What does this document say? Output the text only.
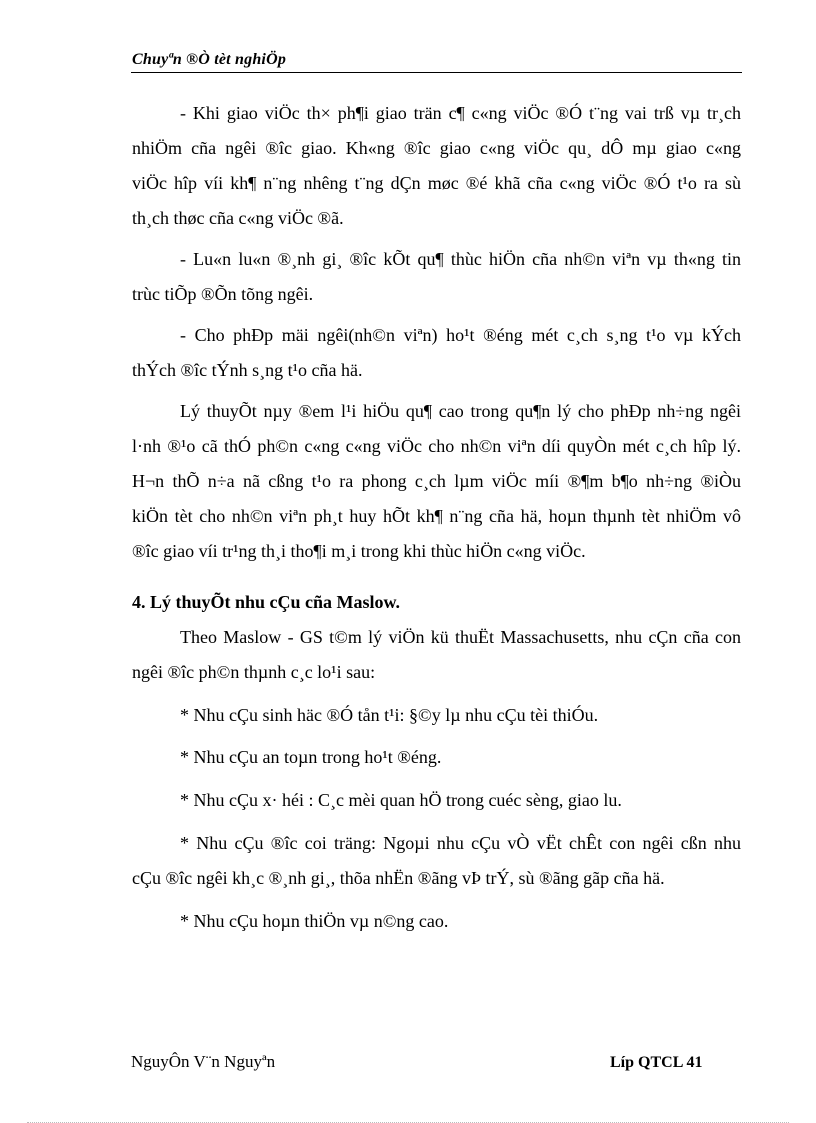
Chuyªn ®Ò tèt nghiÖp
- Khi giao viÖc th× ph¶i giao trän c¶ c«ng viÖc ®Ó t¨ng vai trß vµ tr¸ch
nhiÖm cña ngêi ®îc giao. Kh«ng ®îc giao c«ng viÖc qu¸ dÔ mµ giao c«ng
viÖc hîp víi kh¶ n¨ng nhêng t¨ng dÇn møc ®é khã cña c«ng viÖc ®Ó t¹o ra sù
th¸ch thøc cña c«ng viÖc ®ã.
- Lu«n lu«n ®¸nh gi¸ ®îc kÕt qu¶ thùc hiÖn cña nh©n viªn vµ th«ng tin
trùc tiÕp ®Õn tõng ngêi.
- Cho phÐp mäi ngêi(nh©n viªn) ho¹t ®éng mét c¸ch s¸ng t¹o vµ kÝch
thÝch ®îc tÝnh s¸ng t¹o cña hä.
Lý thuyÕt nµy ®em l¹i hiÖu qu¶ cao trong qu¶n lý cho phÐp nh÷ng ngêi
l·nh ®¹o cã thÓ ph©n c«ng c«ng viÖc cho nh©n viªn díi quyÒn mét c¸ch hîp lý.
H¬n thÕ n÷a nã cßng t¹o ra phong c¸ch lµm viÖc míi ®¶m b¶o nh÷ng ®iÒu
kiÖn tèt cho nh©n viªn ph¸t huy hÕt kh¶ n¨ng cña hä, hoµn thµnh tèt nhiÖm vô
®îc giao víi tr¹ng th¸i tho¶i m¸i trong khi thùc hiÖn c«ng viÖc.
4. Lý thuyÕt nhu cÇu cña Maslow.
Theo Maslow - GS t©m lý viÖn kü thuËt Massachusetts, nhu cÇn cña con
ngêi ®îc ph©n thµnh c¸c lo¹i sau:
* Nhu cÇu sinh häc ®Ó tån t¹i: §©y lµ nhu cÇu tèi thiÓu.
* Nhu cÇu an toµn trong ho¹t ®éng.
* Nhu cÇu x· héi : C¸c mèi quan hÖ trong cuéc sèng, giao lu.
* Nhu cÇu ®îc coi träng: Ngoµi nhu cÇu vÒ vËt chÊt con ngêi cßn nhu
cÇu ®îc ngêi kh¸c ®¸nh gi¸, thõa nhËn ®ãng vÞ trÝ, sù ®ãng gãp cña hä.
* Nhu cÇu hoµn thiÖn vµ n©ng cao.
NguyÔn V¨n Nguyªn	Líp QTCL 41
